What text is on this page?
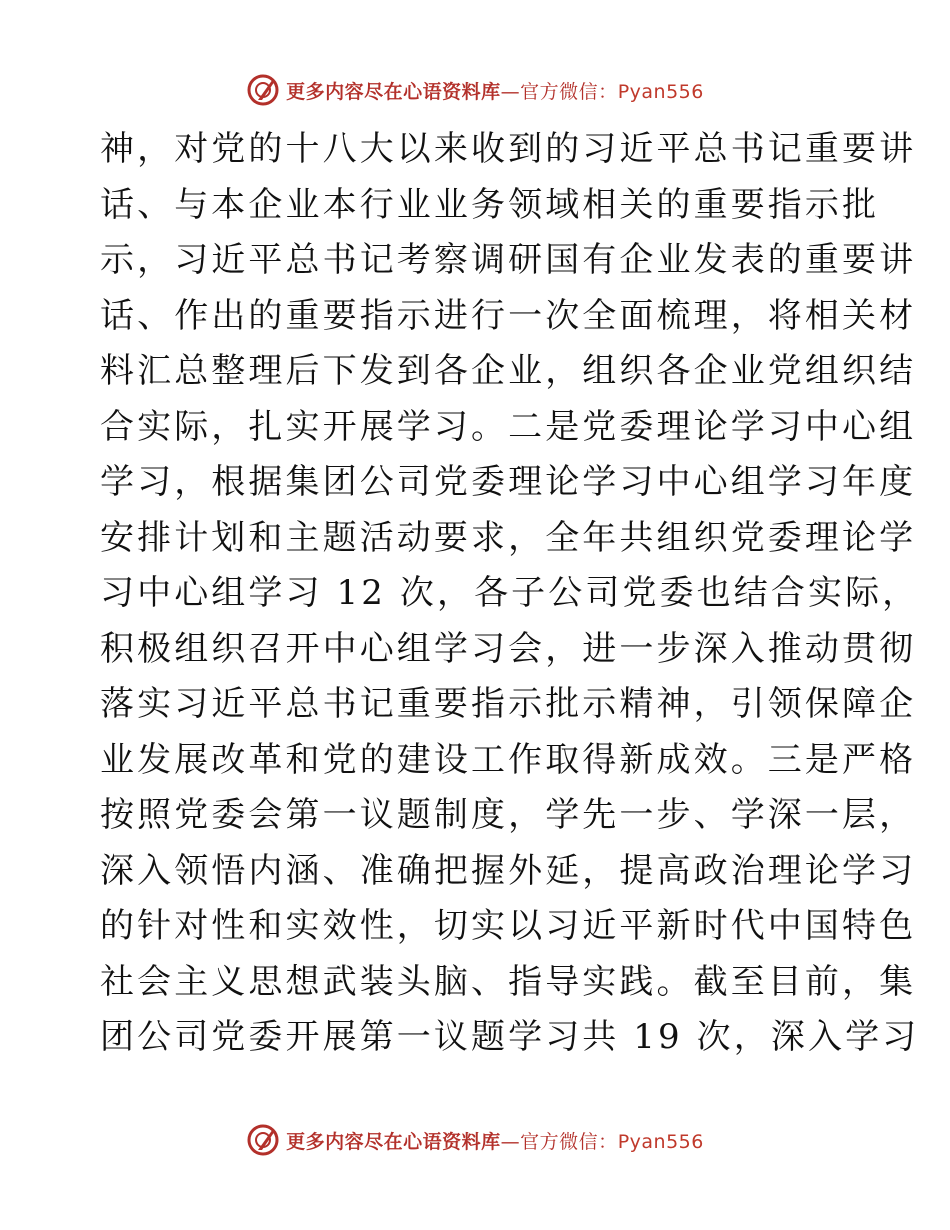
更多内容尽在心语资料库—官方微信：Pyan556
神，对党的十八大以来收到的习近平总书记重要讲
话、与本企业本行业业务领域相关的重要指示批
示，习近平总书记考察调研国有企业发表的重要讲
话、作出的重要指示进行一次全面梳理，将相关材
料汇总整理后下发到各企业，组织各企业党组织结
合实际，扎实开展学习。二是党委理论学习中心组
学习，根据集团公司党委理论学习中心组学习年度
安排计划和主题活动要求，全年共组织党委理论学
习中心组学习 12 次，各子公司党委也结合实际，
积极组织召开中心组学习会，进一步深入推动贯彻
落实习近平总书记重要指示批示精神，引领保障企
业发展改革和党的建设工作取得新成效。三是严格
按照党委会第一议题制度，学先一步、学深一层，
深入领悟内涵、准确把握外延，提高政治理论学习
的针对性和实效性，切实以习近平新时代中国特色
社会主义思想武装头脑、指导实践。截至目前，集
团公司党委开展第一议题学习共 19 次，深入学习
更多内容尽在心语资料库—官方微信：Pyan556
